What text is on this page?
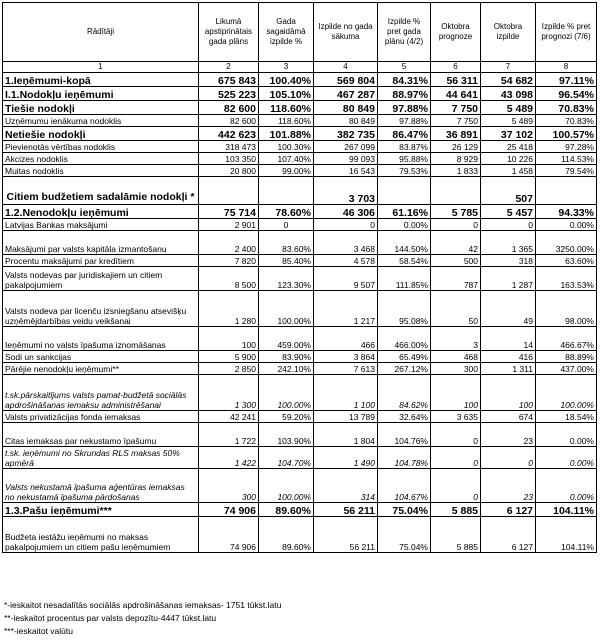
Rādītāji	Likumā apstiprinātais gada plāns	Gada sagaidāmā izpilde %	Izpilde no gada sākuma	Izpilde % pret gada plānu (4/2)	Oktobra prognoze	Oktobra izpilde	Izpilde % pret prognozi (7/6)
1	2	3	4	5	6	7	8
1.Ieņēmumi-kopā	675 843	100.40%	569 804	84.31%	56 311	54 682	97.11%
I.1.Nodokļu ieņēmumi	525 223	105.10%	467 287	88.97%	44 641	43 098	96.54%
Tiešie nodokļi	82 600	118.60%	80 849	97.88%	7 750	5 489	70.83%
Uzņēmumu ienākuma nodoklis	82 600	118.60%	80 849	97.88%	7 750	5 489	70.83%
Netiešie nodokļi	442 623	101.88%	382 735	86.47%	36 891	37 102	100.57%
Pievienotās vērtības nodoklis	318 473	100.30%	267 099	83.87%	26 129	25 418	97.28%
Akcizes nodoklis	103 350	107.40%	99 093	95.88%	8 929	10 226	114.53%
Muitas nodoklis	20 800	99.00%	16 543	79.53%	1 833	1 458	79.54%
Citiem budžetiem sadalāmie nodokļi *			3 703			507	
1.2.Nenodokļu ieņēmumi	75 714	78.60%	46 306	61.16%	5 785	5 457	94.33%
Latvijas Bankas maksājumi	2 901	0	0	0.00%	0	0	0.00%
Maksājumi par valsts kapitāla izmantošanu	2 400	83.60%	3 468	144.50%	42	1 365	3250.00%
Procentu maksājumi par kredītiem	7 820	85.40%	4 578	58.54%	500	318	63.60%
Valsts nodevas par juridiskajiem un citiem pakalpojumiem	8 500	123.30%	9 507	111.85%	787	1 287	163.53%
Valsts nodeva par licenču izsniegšanu atsevišķu uzņēmējdarbības veidu veikšanai	1 280	100.00%	1 217	95.08%	50	49	98.00%
Ieņēmumi no valsts īpašuma iznomāšanas	100	459.00%	466	466.00%	3	14	466.67%
Sodi un sankcijas	5 900	83.90%	3 864	65.49%	468	416	88.89%
Pārējie nenodokļu ieņēmumi**	2 850	242.10%	7 613	267.12%	300	1 311	437.00%
t.sk.pārskaitījums valsts pamat-budžetā sociālās apdrošināšanas iemaksu administrēšanai	1 300	100.00%	1 100	84.62%	100	100	100.00%
Valsts privatizācijas fonda iemaksas	42 241	59.20%	13 789	32.64%	3 635	674	18.54%
Citas iemaksas par nekustamo īpašumu	1 722	103.90%	1 804	104.76%	0	23	0.00%
t.sk. ieņēmumi no Skrundas RLS maksas 50% apmērā	1 422	104.70%	1 490	104.78%	0	0	0.00%
Valsts nekustamā īpašuma aģentūras iemaksas no nekustamā īpašuma pārdošanas	300	100.00%	314	104.67%	0	23	0.00%
1.3.Pašu ieņēmumi***	74 906	89.60%	56 211	75.04%	5 885	6 127	104.11%
Budžeta iestāžu ieņēmumi no maksas pakalpojumiem un citiem pašu ieņēmumiem	74 906	89.60%	56 211	75.04%	5 885	6 127	104.11%
*-ieskaitot nesadalītās sociālās apdrošināšanas iemaksas- 1751 tūkst.latu
**-ieskaitot procentus par valsts depozītu-4447 tūkst.latu
***-ieskaitot valūtu
